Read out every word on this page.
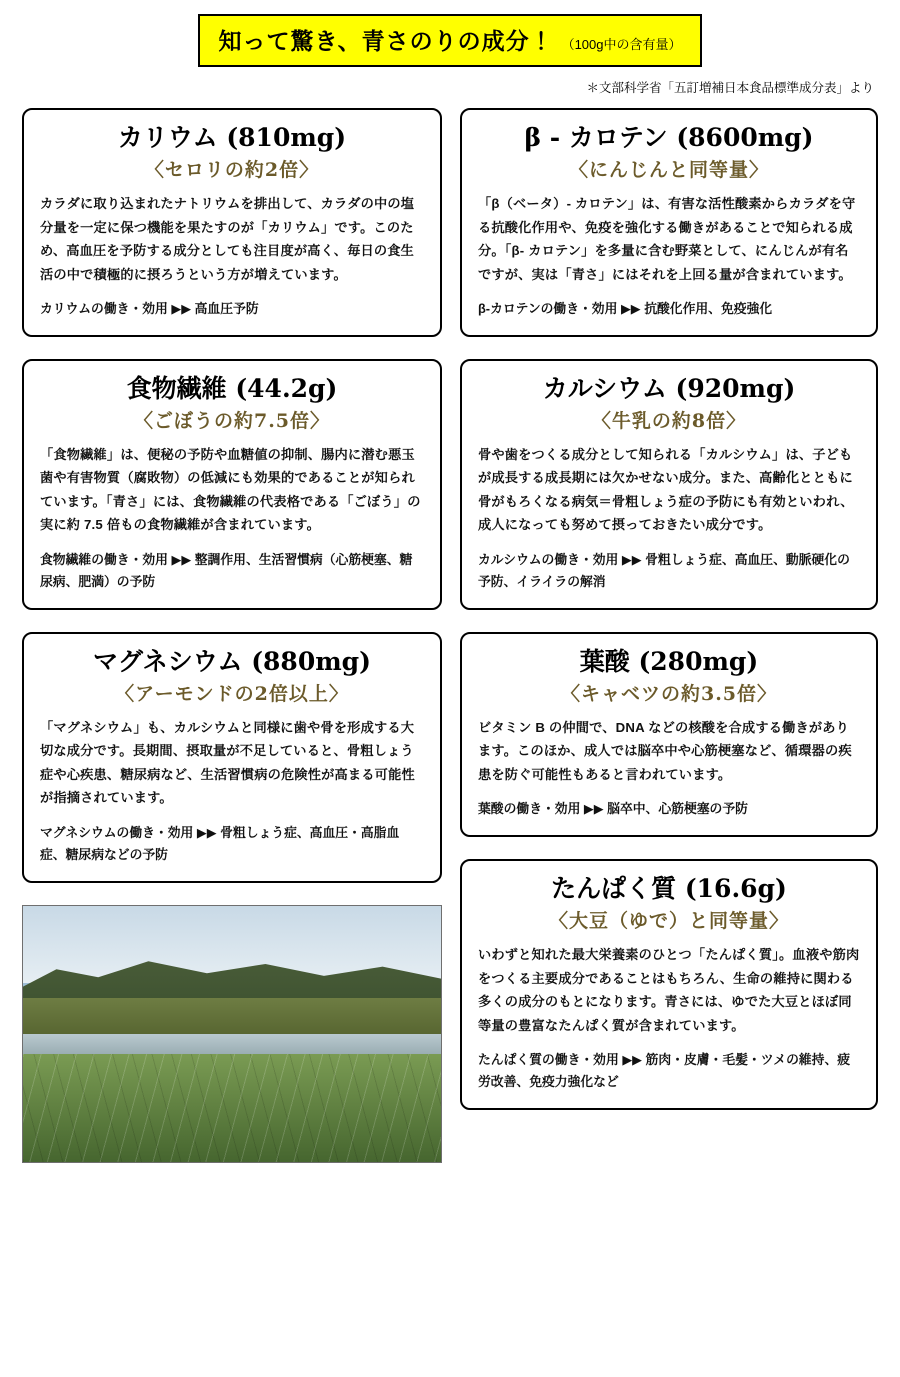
知って驚き、青さのりの成分！ （100g中の含有量）
＊文部科学省「五訂増補日本食品標準成分表」より
カリウム (810mg)
〈セロリの約2倍〉

カラダに取り込まれたナトリウムを排出して、カラダの中の塩分量を一定に保つ機能を果たすのが「カリウム」です。このため、高血圧を予防する成分としても注目度が高く、毎日の食生活の中で積極的に摂ろうという方が増えています。

カリウムの働き・効用 ▶▶ 高血圧予防
食物繊維 (44.2g)
〈ごぼうの約7.5倍〉

「食物繊維」は、便秘の予防や血糖値の抑制、腸内に潜む悪玉菌や有害物質（腐敗物）の低減にも効果的であることが知られています。「青さ」には、食物繊維の代表格である「ごぼう」の実に約 7.5 倍もの食物繊維が含まれています。

食物繊維の働き・効用 ▶▶ 整調作用、生活習慣病（心筋梗塞、糖尿病、肥満）の予防
マグネシウム (880mg)
〈アーモンドの2倍以上〉

「マグネシウム」も、カルシウムと同様に歯や骨を形成する大切な成分です。長期間、摂取量が不足していると、骨粗しょう症や心疾患、糖尿病など、生活習慣病の危険性が高まる可能性が指摘されています。

マグネシウムの働き・効用 ▶▶ 骨粗しょう症、高血圧・高脂血症、糖尿病などの予防
β - カロテン (8600mg)
〈にんじんと同等量〉

「β（ベータ）- カロテン」は、有害な活性酸素からカラダを守る抗酸化作用や、免疫を強化する働きがあることで知られる成分。「β- カロテン」を多量に含む野菜として、にんじんが有名ですが、実は「青さ」にはそれを上回る量が含まれています。

β-カロテンの働き・効用 ▶▶ 抗酸化作用、免疫強化
カルシウム (920mg)
〈牛乳の約8倍〉

骨や歯をつくる成分として知られる「カルシウム」は、子どもが成長する成長期には欠かせない成分。また、高齢化とともに骨がもろくなる病気＝骨粗しょう症の予防にも有効といわれ、成人になっても努めて摂っておきたい成分です。

カルシウムの働き・効用 ▶▶ 骨粗しょう症、高血圧、動脈硬化の予防、イライラの解消
葉酸 (280mg)
〈キャベツの約3.5倍〉

ビタミン B の仲間で、DNA などの核酸を合成する働きがあります。このほか、成人では脳卒中や心筋梗塞など、循環器の疾患を防ぐ可能性もあると言われています。

葉酸の働き・効用 ▶▶ 脳卒中、心筋梗塞の予防
たんぱく質 (16.6g)
〈大豆（ゆで）と同等量〉

いわずと知れた最大栄養素のひとつ「たんぱく質」。血液や筋肉をつくる主要成分であることはもちろん、生命の維持に関わる多くの成分のもとになります。青さには、ゆでた大豆とほぼ同等量の豊富なたんぱく質が含まれています。

たんぱく質の働き・効用 ▶▶ 筋肉・皮膚・毛髪・ツメの維持、疲労改善、免疫力強化など
